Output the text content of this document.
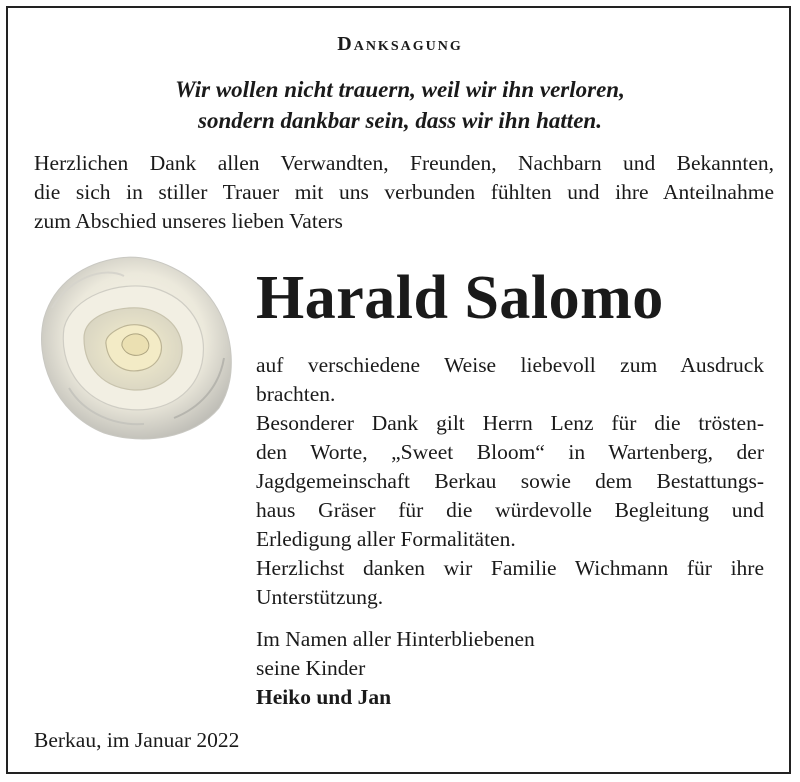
Danksagung
Wir wollen nicht trauern, weil wir ihn verloren,
sondern dankbar sein, dass wir ihn hatten.
Herzlichen Dank allen Verwandten, Freunden, Nachbarn und Bekannten,
die sich in stiller Trauer mit uns verbunden fühlten und ihre Anteilnahme
zum Abschied unseres lieben Vaters
Harald Salomo
auf verschiedene Weise liebevoll zum Ausdruck
brachten.
Besonderer Dank gilt Herrn Lenz für die trösten-
den Worte, „Sweet Bloom“ in Wartenberg, der
Jagdgemeinschaft Berkau sowie dem Bestattungs-
haus Gräser für die würdevolle Begleitung und
Erledigung aller Formalitäten.
Herzlichst danken wir Familie Wichmann für ihre
Unterstützung.
Im Namen aller Hinterbliebenen
seine Kinder
Heiko und Jan
Berkau, im Januar 2022
